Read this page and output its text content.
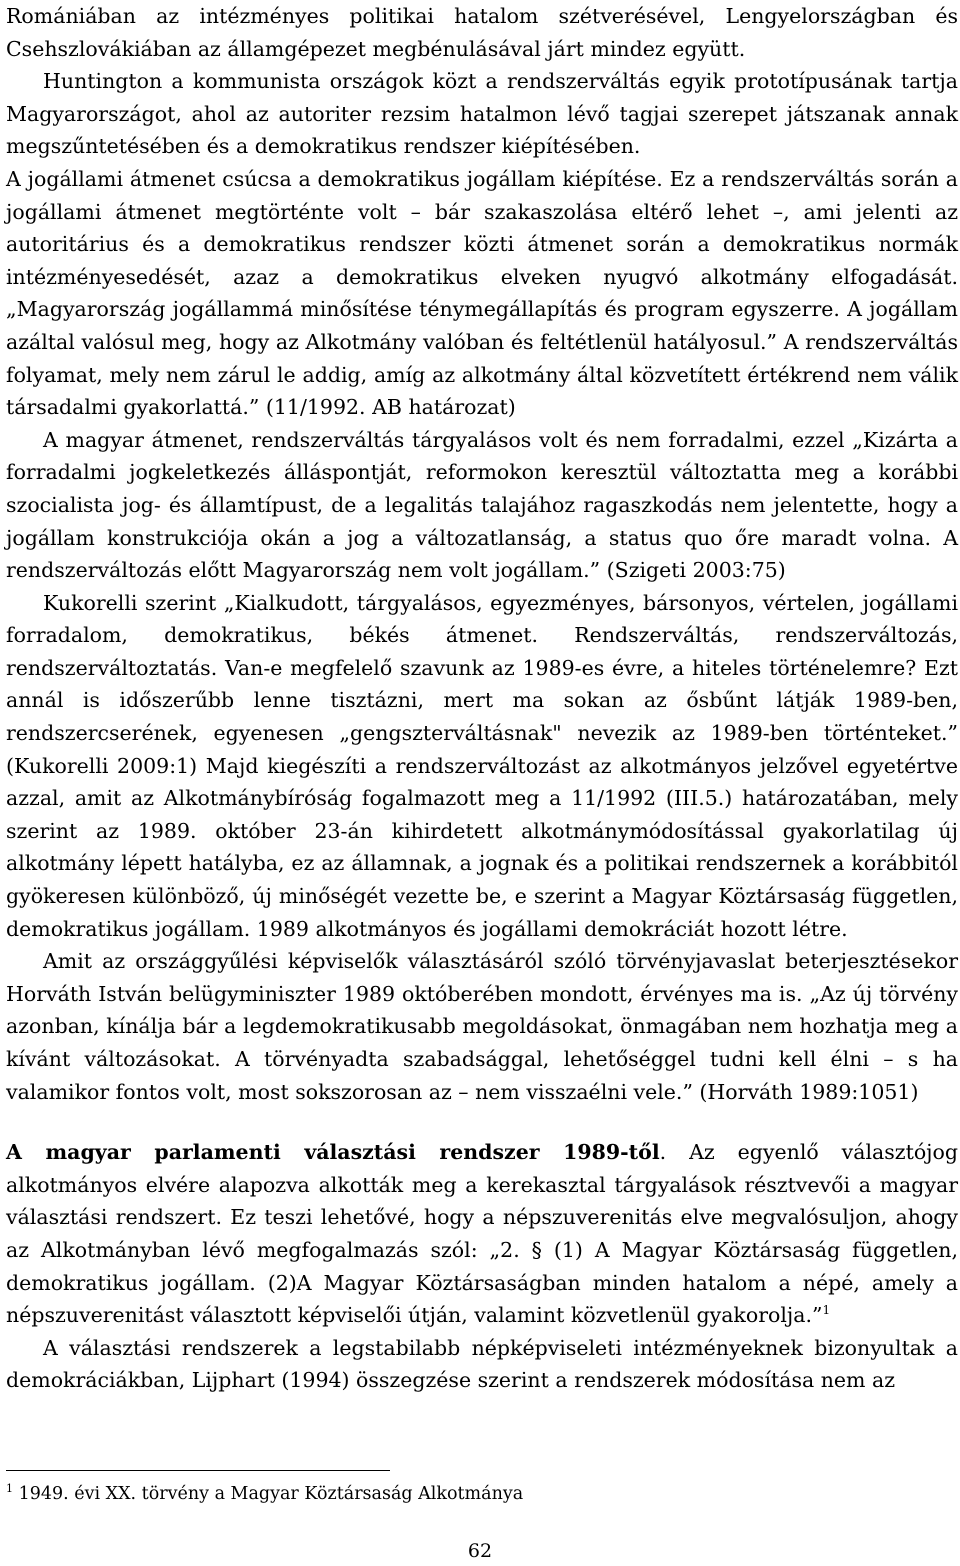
Romániában az intézményes politikai hatalom szétverésével, Lengyelországban és Csehszlovákiában az államgépezet megbénulásával járt mindez együtt.

Huntington a kommunista országok közt a rendszerváltás egyik prototípusának tartja Magyarországot, ahol az autoriter rezsim hatalmon lévő tagjai szerepet játszanak annak megszűntetésében és a demokratikus rendszer kiépítésében.

A jogállami átmenet csúcsa a demokratikus jogállam kiépítése. Ez a rendszerváltás során a jogállami átmenet megtörténte volt – bár szakaszolása eltérő lehet –, ami jelenti az autoritárius és a demokratikus rendszer közti átmenet során a demokratikus normák intézményesedését, azaz a demokratikus elveken nyugvó alkotmány elfogadását. „Magyarország jogállammá minősítése ténymegállapítás és program egyszerre. A jogállam azáltal valósul meg, hogy az Alkotmány valóban és feltétlenül hatályosul.” A rendszerváltás folyamat, mely nem zárul le addig, amíg az alkotmány által közvetített értékrend nem válik társadalmi gyakorlattá.” (11/1992. AB határozat)

A magyar átmenet, rendszerváltás tárgyalásos volt és nem forradalmi, ezzel „Kizárta a forradalmi jogkeletkezés álláspontját, reformokon keresztül változtatta meg a korábbi szocialista jog- és államtípust, de a legalitás talajához ragaszkodás nem jelentette, hogy a jogállam konstrukciója okán a jog a változatlanság, a status quo őre maradt volna. A rendszerváltozás előtt Magyarország nem volt jogállam.” (Szigeti 2003:75)

Kukorelli szerint „Kialkudott, tárgyalásos, egyezményes, bársonyos, vértelen, jogállami forradalom, demokratikus, békés átmenet. Rendszerváltás, rendszerváltozás, rendszerváltoztatás. Van-e megfelelő szavunk az 1989-es évre, a hiteles történelemre? Ezt annál is időszerűbb lenne tisztázni, mert ma sokan az ősbűnt látják 1989-ben, rendszercserének, egyenesen „gengszterváltásnak" nevezik az 1989-ben történteket.” (Kukorelli 2009:1) Majd kiegészíti a rendszerváltozást az alkotmányos jelzővel egyetértve azzal, amit az Alkotmánybíróság fogalmazott meg a 11/1992 (III.5.) határozatában, mely szerint az 1989. október 23-án kihirdetett alkotmánymódosítással gyakorlatilag új alkotmány lépett hatályba, ez az államnak, a jognak és a politikai rendszernek a korábbitól gyökeresen különböző, új minőségét vezette be, e szerint a Magyar Köztársaság független, demokratikus jogállam. 1989 alkotmányos és jogállami demokráciát hozott létre.

Amit az országgyűlési képviselők választásáról szóló törvényjavaslat beterjesztésekor Horváth István belügyminiszter 1989 októberében mondott, érvényes ma is. „Az új törvény azonban, kínálja bár a legdemokratikusabb megoldásokat, önmagában nem hozhatja meg a kívánt változásokat. A törvényadta szabadsággal, lehetőséggel tudni kell élni – s ha valamikor fontos volt, most sokszorosan az – nem visszaélni vele.” (Horváth 1989:1051)

A magyar parlamenti választási rendszer 1989-től. Az egyenlő választójog alkotmányos elvére alapozva alkották meg a kerekasztal tárgyalások résztvevői a magyar választási rendszert. Ez teszi lehetővé, hogy a népszuverenitás elve megvalósuljon, ahogy az Alkotmányban lévő megfogalmazás szól: „2. § (1) A Magyar Köztársaság független, demokratikus jogállam. (2)A Magyar Köztársaságban minden hatalom a népé, amely a népszuverenitást választott képviselői útján, valamint közvetlenül gyakorolja.”$^1$

A választási rendszerek a legstabilabb népképviseleti intézményeknek bizonyultak a demokráciákban, Lijphart (1994) összegzése szerint a rendszerek módosítása nem az

$^1$ 1949. évi XX. törvény a Magyar Köztársaság Alkotmánya
62
